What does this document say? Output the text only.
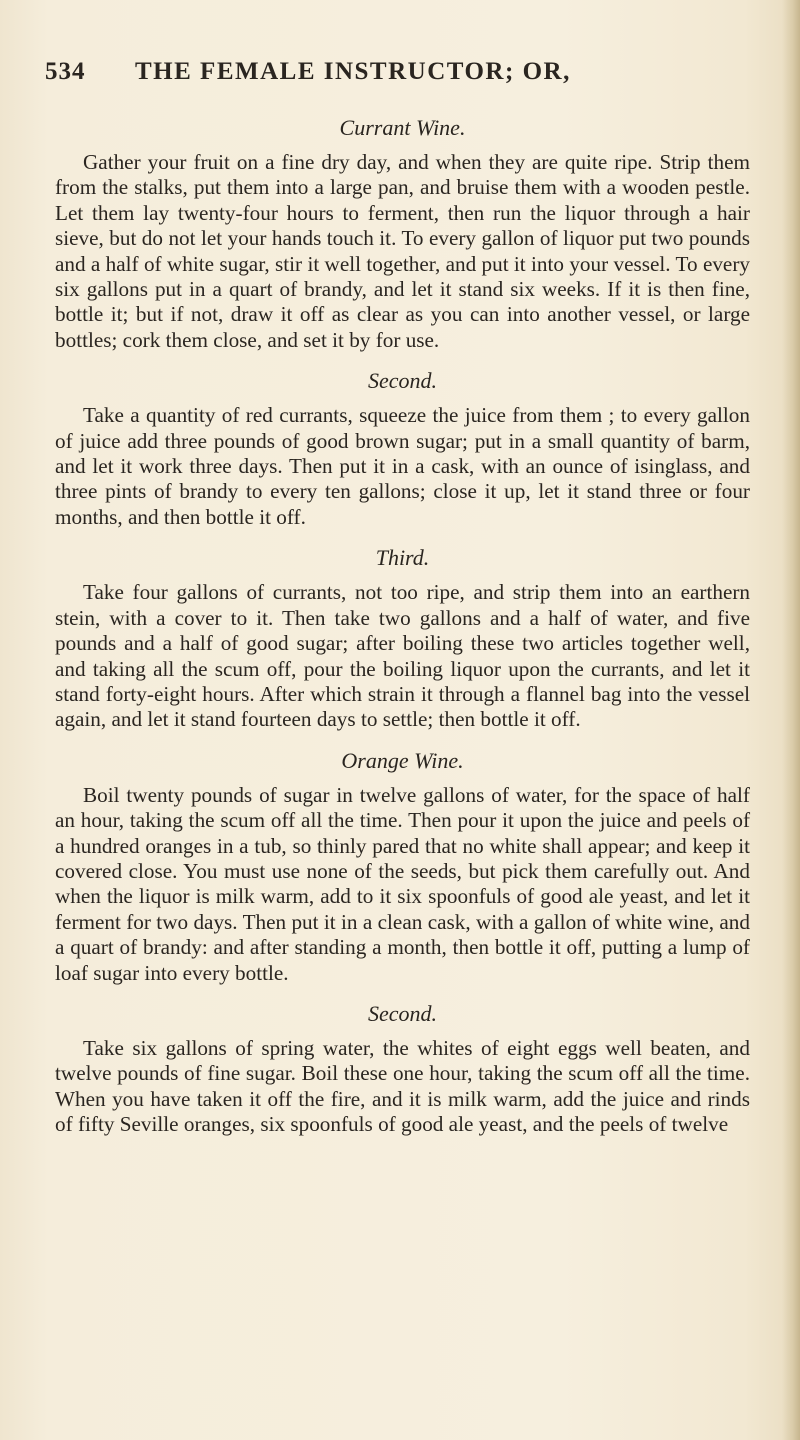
534	THE FEMALE INSTRUCTOR; OR,
Currant Wine.

Gather your fruit on a fine dry day, and when they are quite ripe. Strip them from the stalks, put them into a large pan, and bruise them with a wooden pestle. Let them lay twenty-four hours to ferment, then run the liquor through a hair sieve, but do not let your hands touch it. To every gallon of liquor put two pounds and a half of white sugar, stir it well together, and put it into your vessel. To every six gallons put in a quart of brandy, and let it stand six weeks. If it is then fine, bottle it; but if not, draw it off as clear as you can into another vessel, or large bottles; cork them close, and set it by for use.

Second.

Take a quantity of red currants, squeeze the juice from them ; to every gallon of juice add three pounds of good brown sugar; put in a small quantity of barm, and let it work three days. Then put it in a cask, with an ounce of isinglass, and three pints of brandy to every ten gallons; close it up, let it stand three or four months, and then bottle it off.

Third.

Take four gallons of currants, not too ripe, and strip them into an earthern stein, with a cover to it. Then take two gallons and a half of water, and five pounds and a half of good sugar; after boiling these two articles together well, and taking all the scum off, pour the boiling liquor upon the currants, and let it stand forty-eight hours. After which strain it through a flannel bag into the vessel again, and let it stand fourteen days to settle; then bottle it off.

Orange Wine.

Boil twenty pounds of sugar in twelve gallons of water, for the space of half an hour, taking the scum off all the time. Then pour it upon the juice and peels of a hundred oranges in a tub, so thinly pared that no white shall appear; and keep it covered close. You must use none of the seeds, but pick them carefully out. And when the liquor is milk warm, add to it six spoonfuls of good ale yeast, and let it ferment for two days. Then put it in a clean cask, with a gallon of white wine, and a quart of brandy: and after standing a month, then bottle it off, putting a lump of loaf sugar into every bottle.

Second.

Take six gallons of spring water, the whites of eight eggs well beaten, and twelve pounds of fine sugar. Boil these one hour, taking the scum off all the time. When you have taken it off the fire, and it is milk warm, add the juice and rinds of fifty Seville oranges, six spoonfuls of good ale yeast, and the peels of twelve
